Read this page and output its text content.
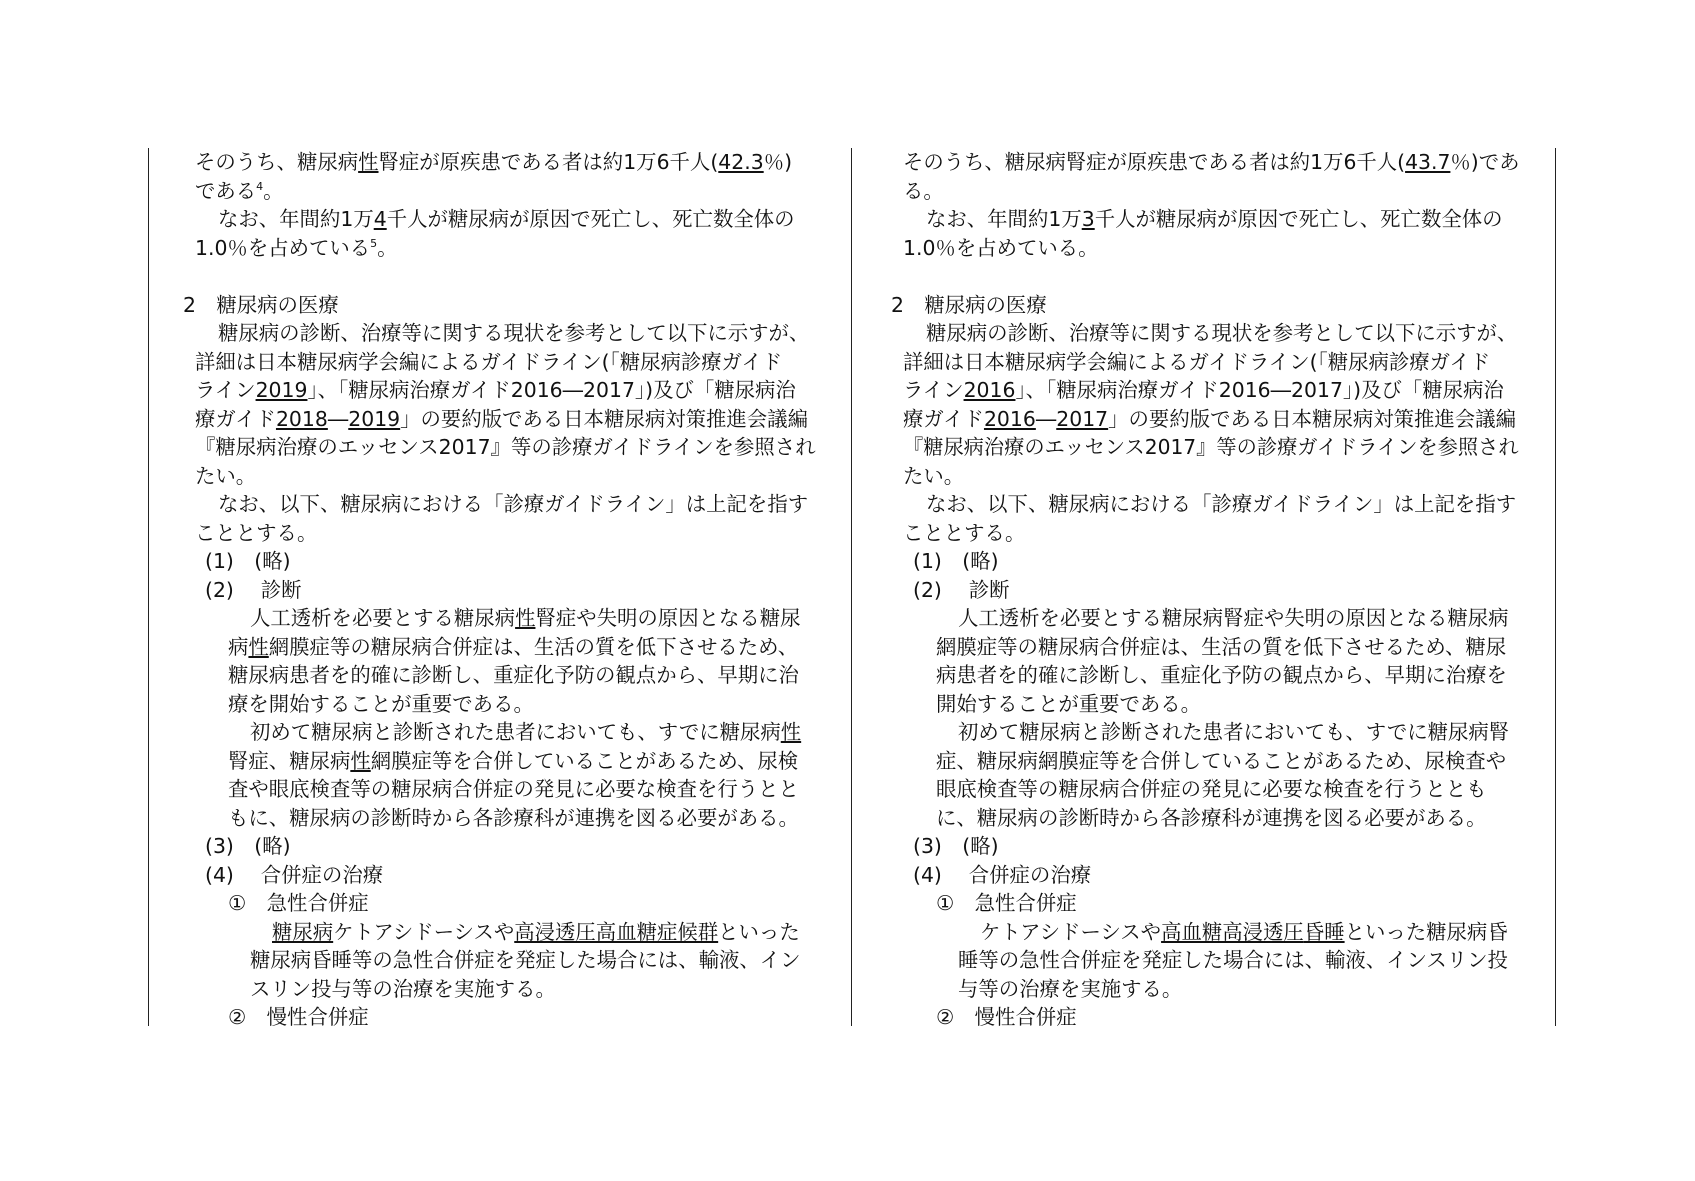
そのうち、糖尿病性腎症が原疾患である者は約1万6千人(42.3％)
である$^4$。
なお、年間約1万4千人が糖尿病が原因で死亡し、死亡数全体の
1.0％を占めている$^5$。
2　糖尿病の医療
糖尿病の診断、治療等に関する現状を参考として以下に示すが、
詳細は日本糖尿病学会編によるガイドライン(「糖尿病診療ガイド
ライン2019」、「糖尿病治療ガイド2016―2017」)及び「糖尿病治
療ガイド2018―2019」の要約版である日本糖尿病対策推進会議編
『糖尿病治療のエッセンス2017』等の診療ガイドラインを参照され
たい。
なお、以下、糖尿病における「診療ガイドライン」は上記を指す
こととする。
(1)　(略)
(2)　 診断
人工透析を必要とする糖尿病性腎症や失明の原因となる糖尿
病性網膜症等の糖尿病合併症は、生活の質を低下させるため、
糖尿病患者を的確に診断し、重症化予防の観点から、早期に治
療を開始することが重要である。
初めて糖尿病と診断された患者においても、すでに糖尿病性
腎症、糖尿病性網膜症等を合併していることがあるため、尿検
査や眼底検査等の糖尿病合併症の発見に必要な検査を行うとと
もに、糖尿病の診断時から各診療科が連携を図る必要がある。
(3)　(略)
(4)　 合併症の治療
①　急性合併症
糖尿病ケトアシドーシスや高浸透圧高血糖症候群といった
糖尿病昏睡等の急性合併症を発症した場合には、輸液、イン
スリン投与等の治療を実施する。
②　慢性合併症
そのうち、糖尿病腎症が原疾患である者は約1万6千人(43.7％)であ
る。
なお、年間約1万3千人が糖尿病が原因で死亡し、死亡数全体の
1.0％を占めている。
2　糖尿病の医療
糖尿病の診断、治療等に関する現状を参考として以下に示すが、
詳細は日本糖尿病学会編によるガイドライン(「糖尿病診療ガイド
ライン2016」、「糖尿病治療ガイド2016―2017」)及び「糖尿病治
療ガイド2016―2017」の要約版である日本糖尿病対策推進会議編
『糖尿病治療のエッセンス2017』等の診療ガイドラインを参照され
たい。
なお、以下、糖尿病における「診療ガイドライン」は上記を指す
こととする。
(1)　(略)
(2)　 診断
人工透析を必要とする糖尿病腎症や失明の原因となる糖尿病
網膜症等の糖尿病合併症は、生活の質を低下させるため、糖尿
病患者を的確に診断し、重症化予防の観点から、早期に治療を
開始することが重要である。
初めて糖尿病と診断された患者においても、すでに糖尿病腎
症、糖尿病網膜症等を合併していることがあるため、尿検査や
眼底検査等の糖尿病合併症の発見に必要な検査を行うととも
に、糖尿病の診断時から各診療科が連携を図る必要がある。
(3)　(略)
(4)　 合併症の治療
①　急性合併症
ケトアシドーシスや高血糖高浸透圧昏睡といった糖尿病昏
睡等の急性合併症を発症した場合には、輸液、インスリン投
与等の治療を実施する。
②　慢性合併症
